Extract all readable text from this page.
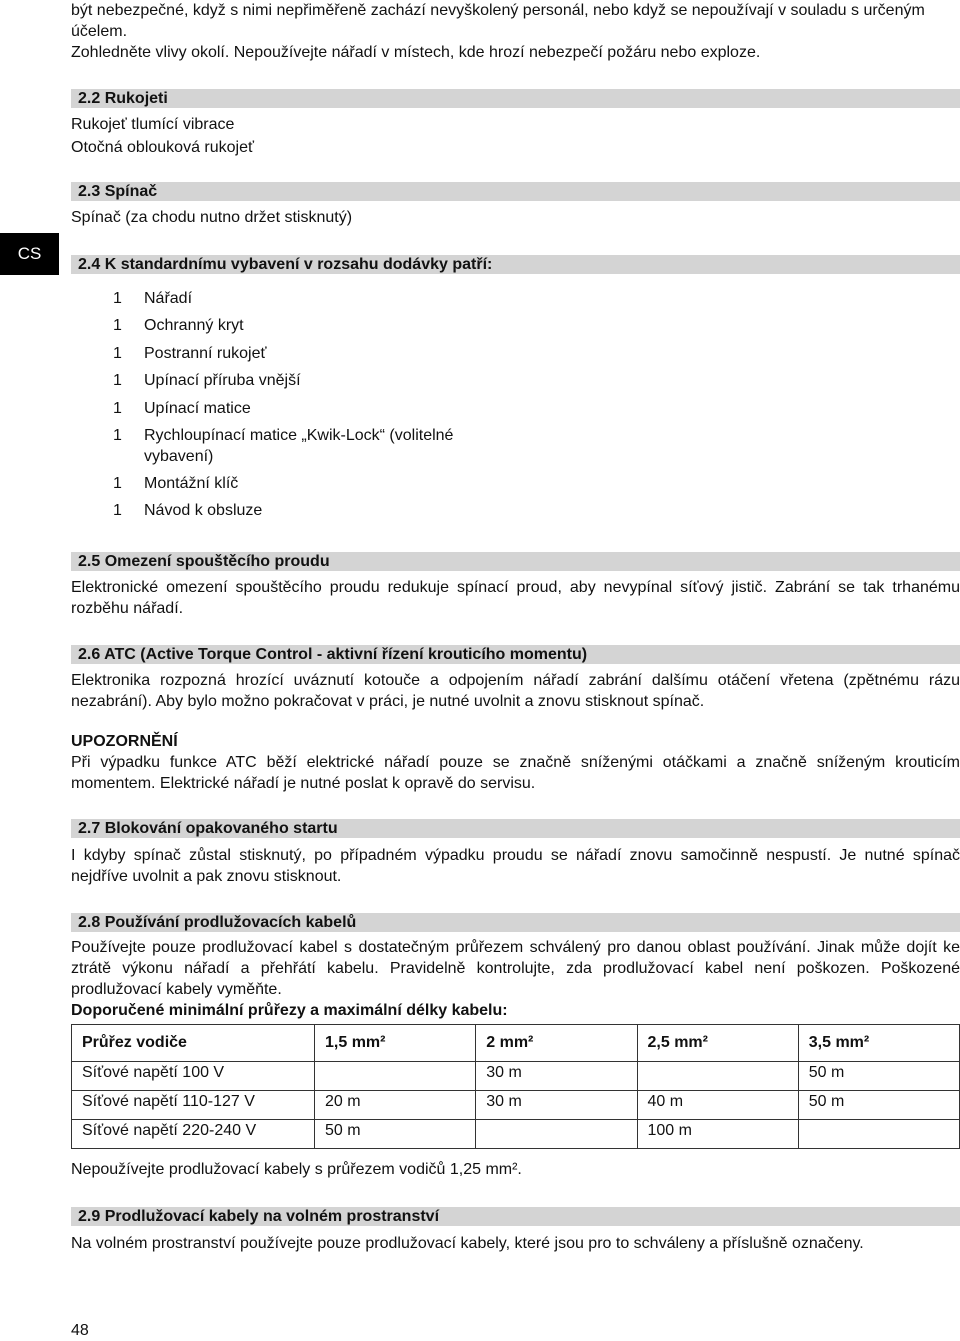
být nebezpečné, když s nimi nepřiměřeně zachází nevyškolený personál, nebo když se nepoužívají v souladu s určeným
účelem.
Zohledněte vlivy okolí. Nepoužívejte nářadí v místech, kde hrozí nebezpečí požáru nebo exploze.
CS
2.2 Rukojeti
Rukojeť tlumící vibrace
Otočná oblouková rukojeť
2.3 Spínač
Spínač (za chodu nutno držet stisknutý)
2.4 K standardnímu vybavení v rozsahu dodávky patří:
1 Nářadí
1 Ochranný kryt
1 Postranní rukojeť
1 Upínací příruba vnější
1 Upínací matice
1 Rychloupínací matice „Kwik-Lock“ (volitelné vybavení)
1 Montážní klíč
1 Návod k obsluze
2.5 Omezení spouštěcího proudu
Elektronické omezení spouštěcího proudu redukuje spínací proud, aby nevypínal síťový jistič. Zabrání se tak trhanému rozběhu nářadí.
2.6 ATC (Active Torque Control - aktivní řízení krouticího momentu)
Elektronika rozpozná hrozící uváznutí kotouče a odpojením nářadí zabrání dalšímu otáčení vřetena (zpětnému rázu nezabrání). Aby bylo možno pokračovat v práci, je nutné uvolnit a znovu stisknout spínač.
UPOZORNĚNÍ
Při výpadku funkce ATC běží elektrické nářadí pouze se značně sníženými otáčkami a značně sníženým krouticím momentem. Elektrické nářadí je nutné poslat k opravě do servisu.
2.7 Blokování opakovaného startu
I kdyby spínač zůstal stisknutý, po případném výpadku proudu se nářadí znovu samočinně nespustí. Je nutné spínač nejdříve uvolnit a pak znovu stisknout.
2.8 Používání prodlužovacích kabelů
Používejte pouze prodlužovací kabel s dostatečným průřezem schválený pro danou oblast používání. Jinak může dojít ke ztrátě výkonu nářadí a přehřátí kabelu. Pravidelně kontrolujte, zda prodlužovací kabel není poškozen. Poškozené prodlužovací kabely vyměňte.
Doporučené minimální průřezy a maximální délky kabelu:
Průřez vodiče	1,5 mm²	2 mm²	2,5 mm²	3,5 mm²
Síťové napětí 100 V		30 m		50 m
Síťové napětí 110-127 V	20 m	30 m	40 m	50 m
Síťové napětí 220-240 V	50 m		100 m	
Nepoužívejte prodlužovací kabely s průřezem vodičů 1,25 mm².
2.9 Prodlužovací kabely na volném prostranství
Na volném prostranství používejte pouze prodlužovací kabely, které jsou pro to schváleny a příslušně označeny.
48
